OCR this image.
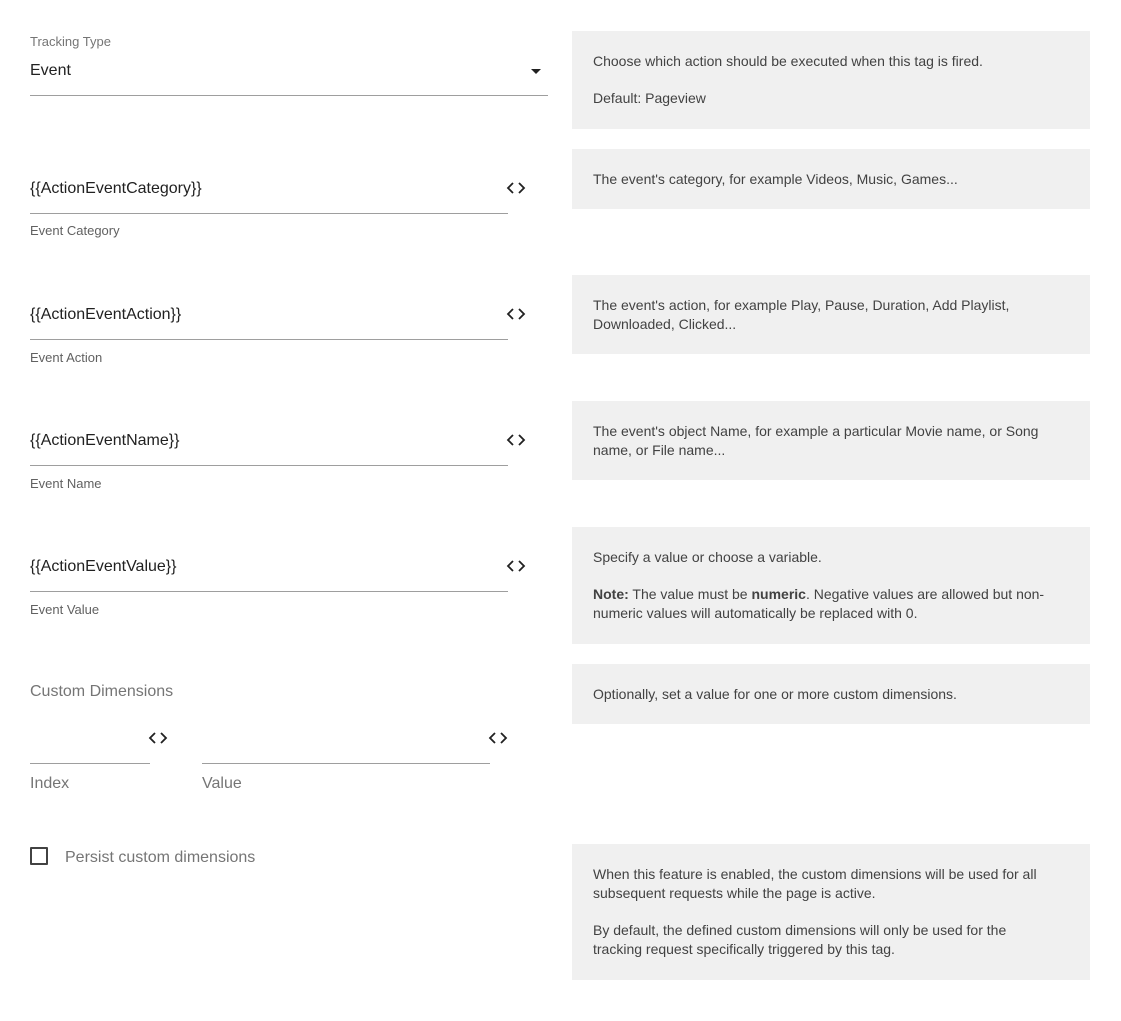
Tracking Type
Event

Choose which action should be executed when this tag is fired.

Default: Pageview

{{ActionEventCategory}}
Event Category

The event's category, for example Videos, Music, Games...

{{ActionEventAction}}
Event Action

The event's action, for example Play, Pause, Duration, Add Playlist,

Downloaded, Clicked...

{{ActionEventName}}
Event Name

The event's object Name, for example a particular Movie name, or Song

name, or File name...

{{ActionEventValue}}
Event Value

Specify a value or choose a variable.

Note: The value must be numeric. Negative values are allowed but non-

numeric values will automatically be replaced with 0.

Custom Dimensions	Optionally, set a value for one or more custom dimensions.

Index	Value
Persist custom dimensions

When this feature is enabled, the custom dimensions will be used for all

subsequent requests while the page is active.

By default, the defined custom dimensions will only be used for the

tracking request specifically triggered by this tag.
